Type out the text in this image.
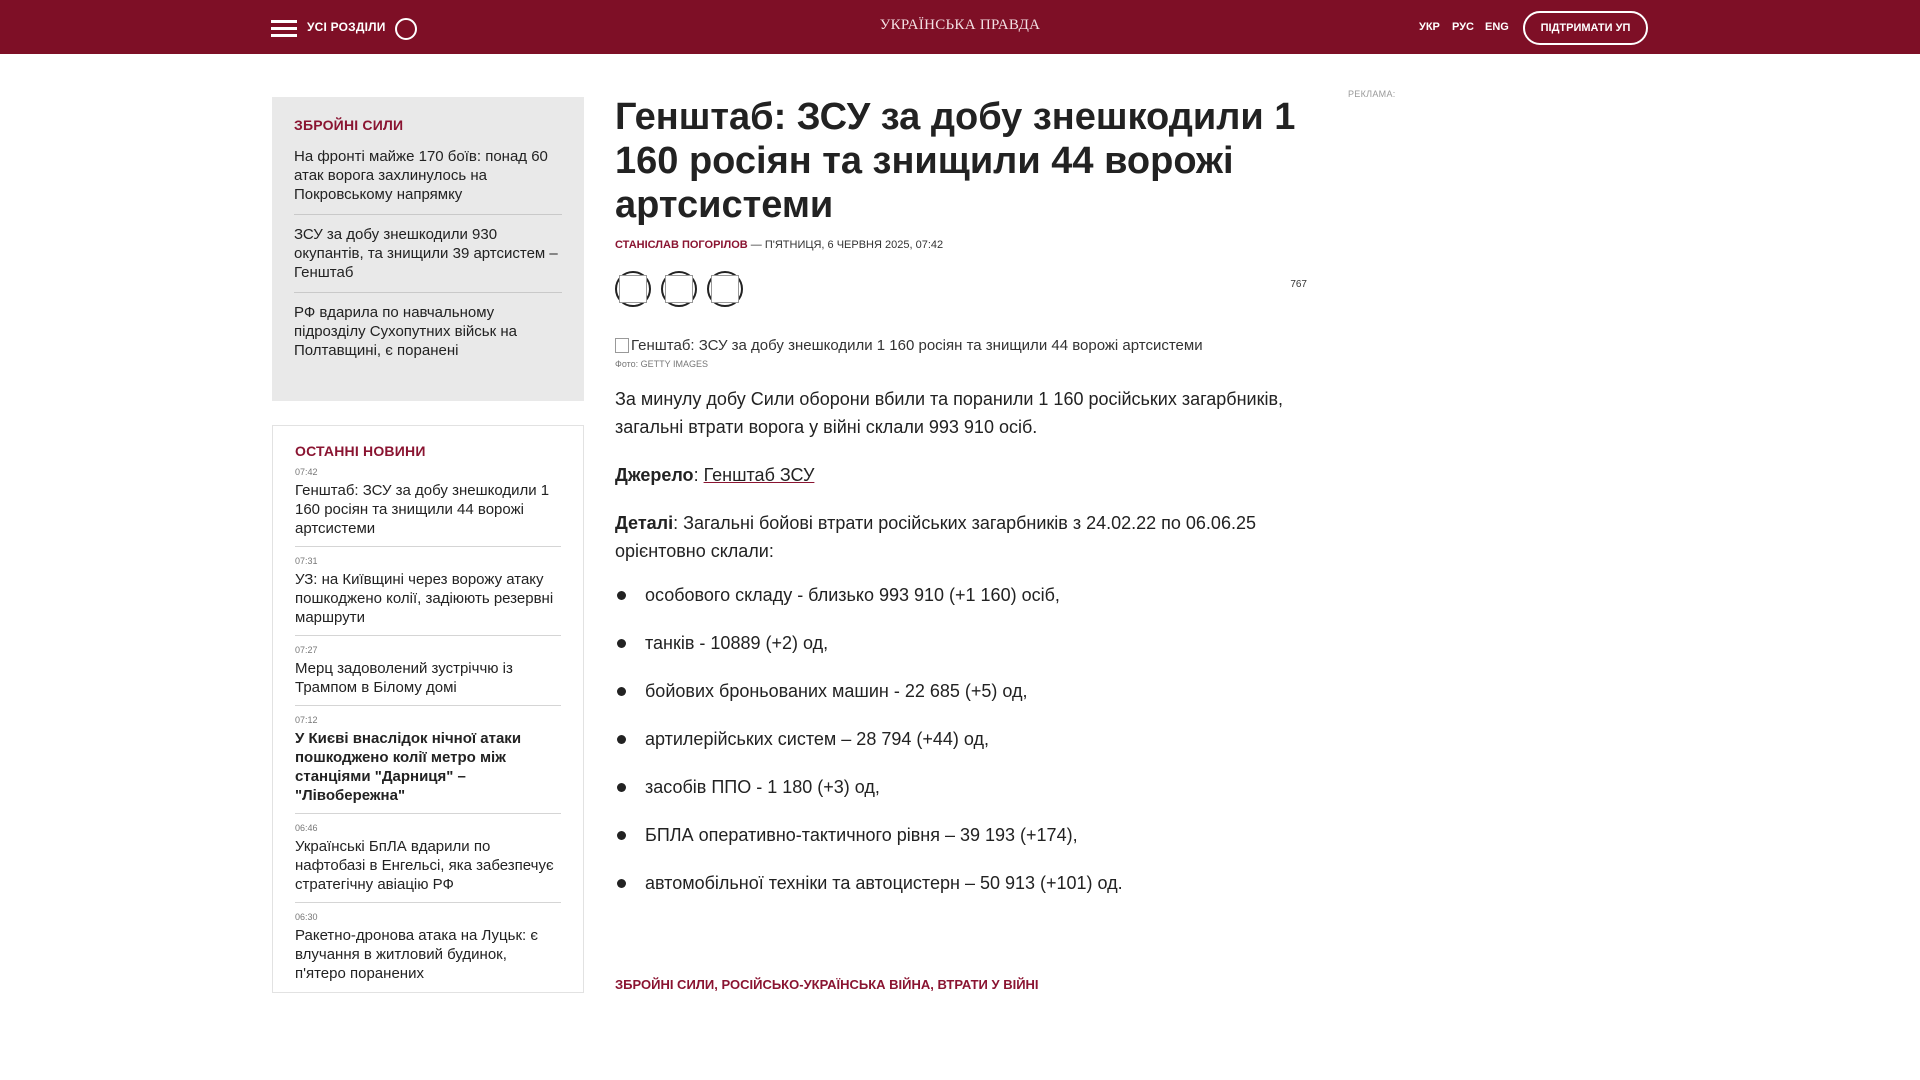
УСІ РОЗДІЛИ	УКРАЇНСЬКА ПРАВДА	УКР РУС ENG	ПІДТРИМАТИ УП
ЗБРОЙНІ СИЛИ
На фронті майже 170 боїв: понад 60 атак ворога захлинулось на Покровському напрямку
ЗСУ за добу знешкодили 930 окупантів, та знищили 39 артсистем – Генштаб
РФ вдарила по навчальному підрозділу Сухопутних військ на Полтавщині, є поранені
ОСТАННІ НОВИНИ
07:42
Генштаб: ЗСУ за добу знешкодили 1 160 росіян та знищили 44 ворожі артсистеми
07:31
УЗ: на Київщині через ворожу атаку пошкоджено колії, задіюють резервні маршрути
07:27
Мерц задоволений зустріччю із Трампом в Білому домі
07:12
У Києві внаслідок нічної атаки пошкоджено колії метро між станціями "Дарниця" – "Лівобережна"
06:46
Українські БпЛА вдарили по нафтобазі в Енгельсі, яка забезпечує стратегічну авіацію РФ
06:30
Ракетно-дронова атака на Луцьк: є влучання в житловий будинок, п'ятеро поранених
Генштаб: ЗСУ за добу знешкодили 1 160 росіян та знищили 44 ворожі артсистеми
СТАНІСЛАВ ПОГОРІЛОВ — П'ЯТНИЦЯ, 6 ЧЕРВНЯ 2025, 07:42
767
Генштаб: ЗСУ за добу знешкодили 1 160 росіян та знищили 44 ворожі артсистеми
Фото: GETTY IMAGES

За минулу добу Сили оборони вбили та поранили 1 160 російських загарбників, загальні втрати ворога у війні склали 993 910 осіб.

Джерело: Генштаб ЗСУ

Деталі: Загальні бойові втрати російських загарбників з 24.02.22 по 06.06.25 орієнтовно склали:

особового складу - близько 993 910 (+1 160) осіб,
танків - 10889 (+2) од,
бойових броньованих машин - 22 685 (+5) од,
артилерійських систем – 28 794 (+44) од,
засобів ППО - 1 180 (+3) од,
БПЛА оперативно-тактичного рівня – 39 193 (+174),
автомобільної техніки та автоцистерн – 50 913 (+101) од.
ЗБРОЙНІ СИЛИ, РОСІЙСЬКО-УКРАЇНСЬКА ВІЙНА, ВТРАТИ У ВІЙНІ
РЕКЛАМА:
